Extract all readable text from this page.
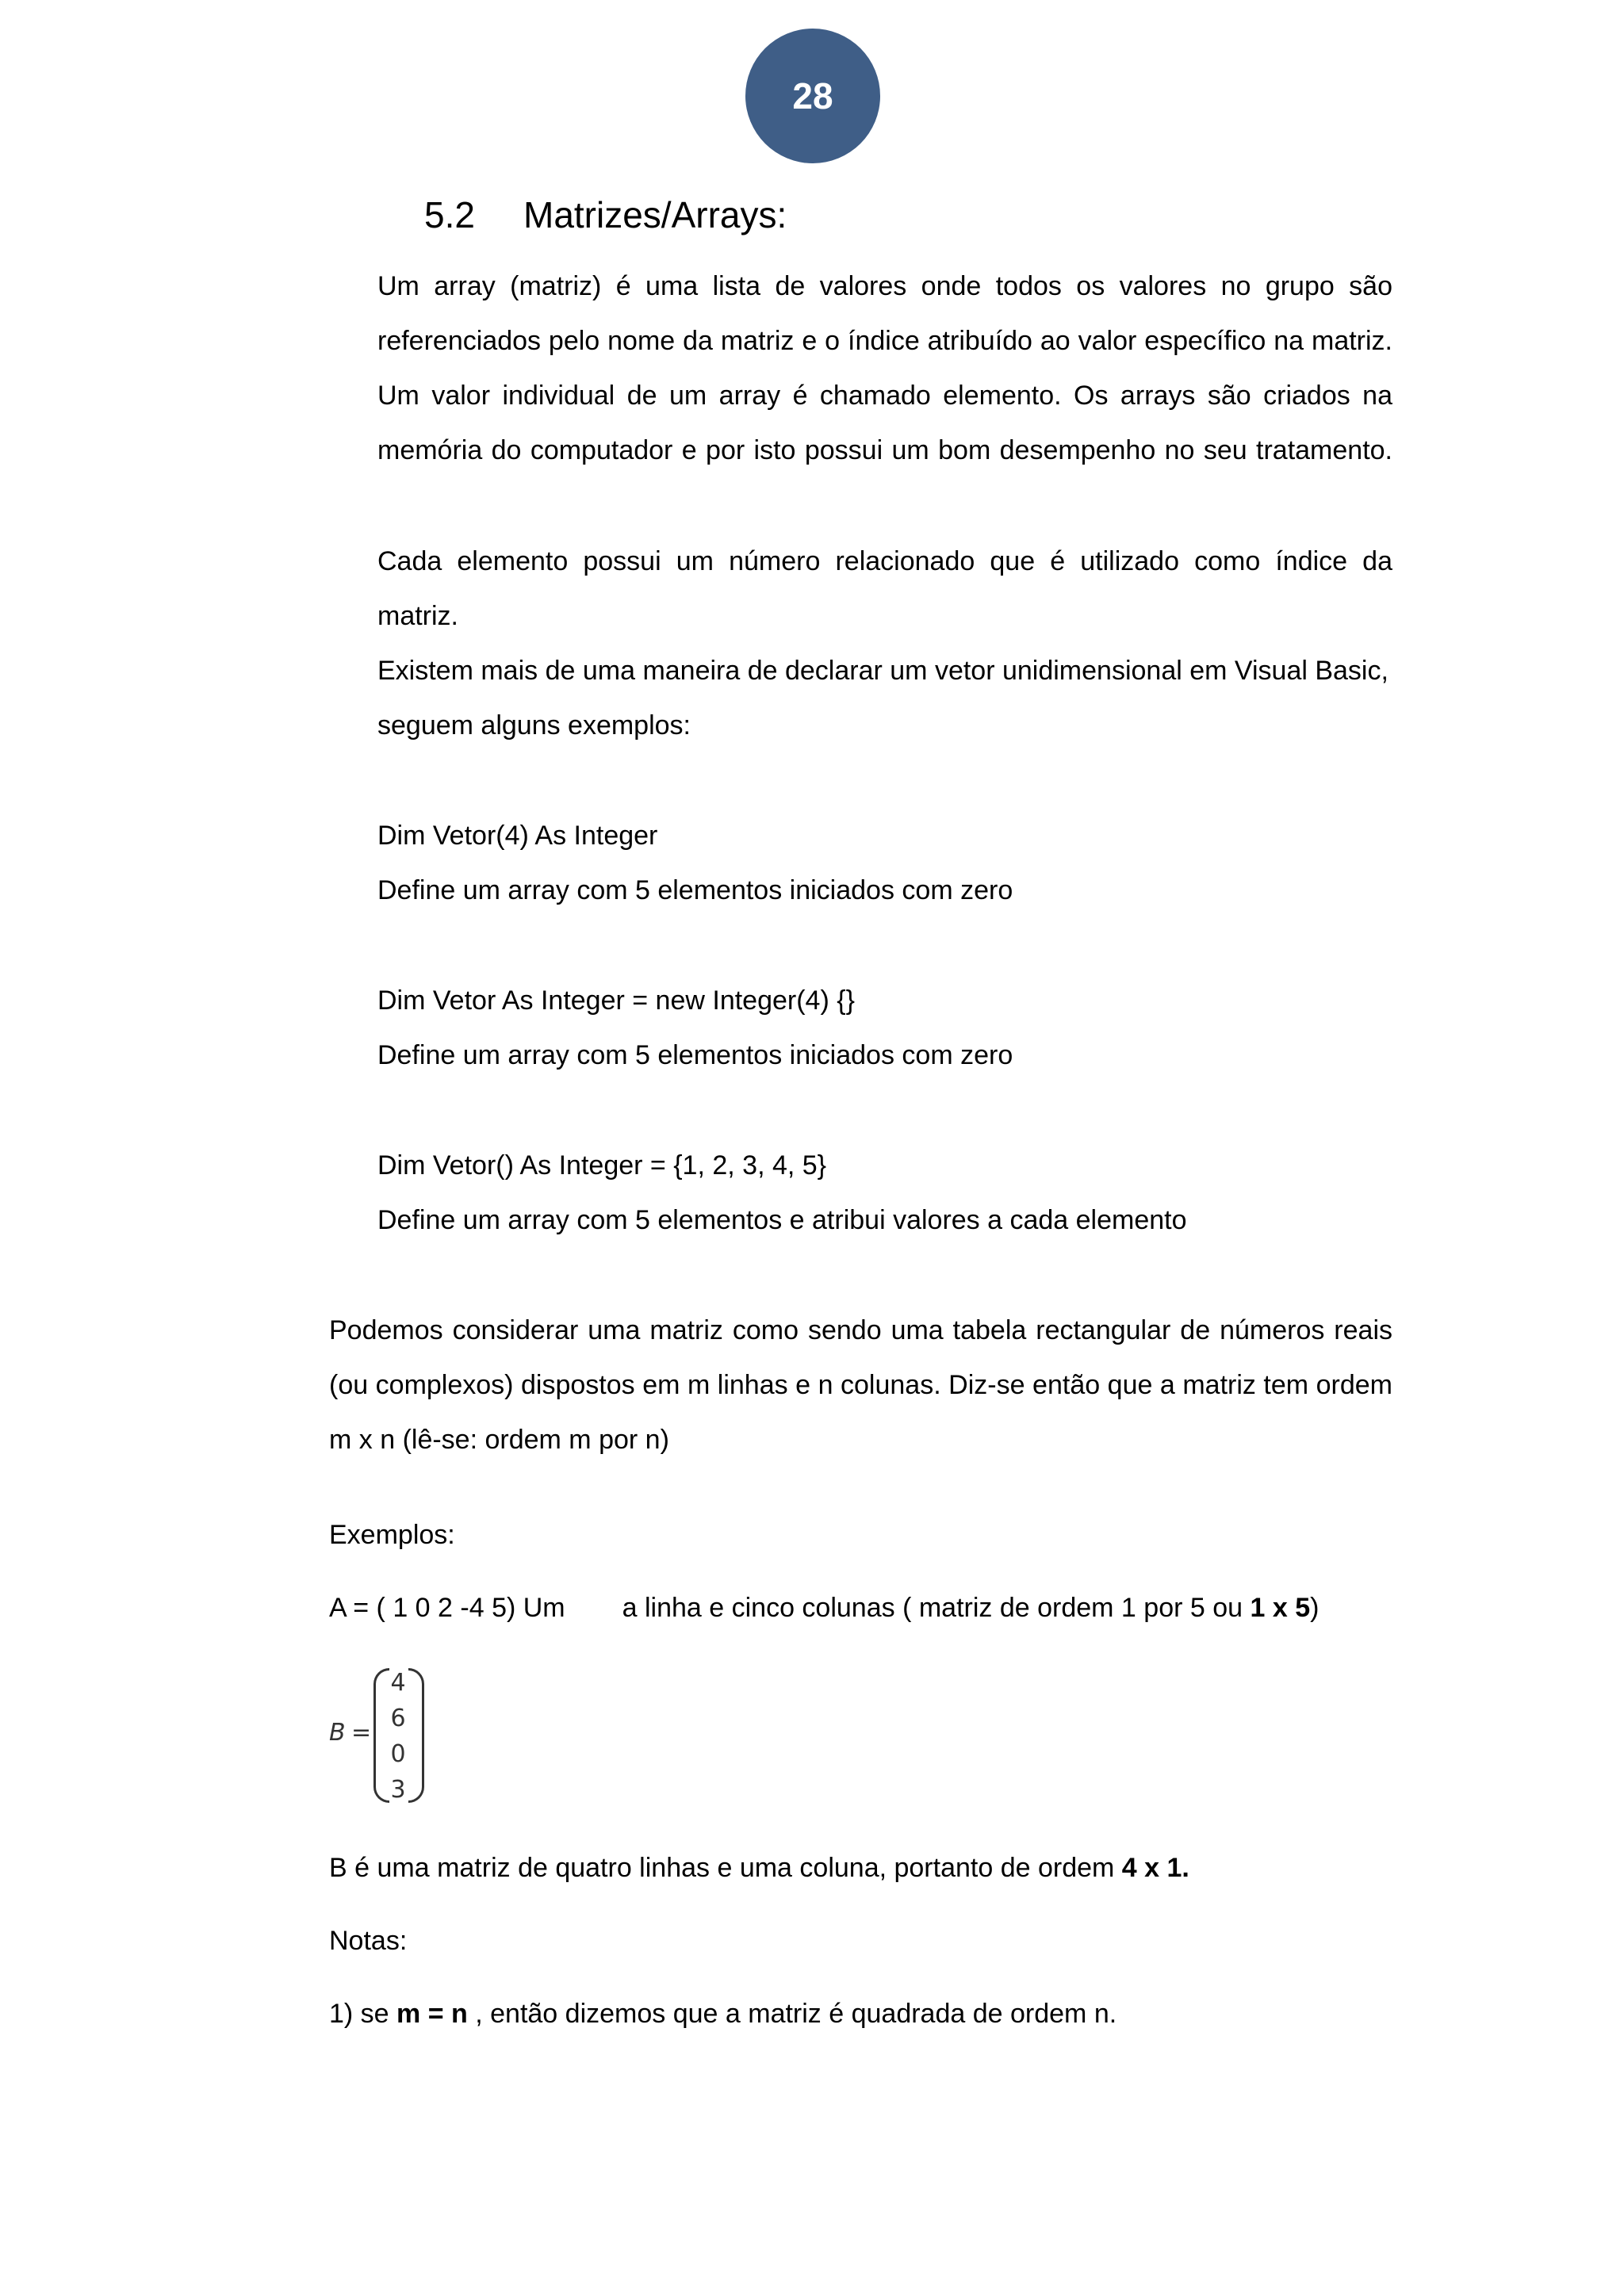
28
5.2 Matrizes/Arrays:
Um array (matriz) é uma lista de valores onde todos os valores no grupo são
referenciados pelo nome da matriz e o índice atribuído ao valor específico na matriz.
Um valor individual de um array é chamado elemento. Os arrays são criados na
memória do computador e por isto possui um bom desempenho no seu tratamento.
Cada elemento possui um número relacionado que é utilizado como índice da
matriz.
Existem mais de uma maneira de declarar um vetor unidimensional em Visual Basic,
seguem alguns exemplos:
Dim Vetor(4) As Integer
Define um array com 5 elementos iniciados com zero
Dim Vetor As Integer = new Integer(4) {}
Define um array com 5 elementos iniciados com zero
Dim Vetor() As Integer = {1, 2, 3, 4, 5}
Define um array com 5 elementos e atribui valores a cada elemento
Podemos considerar uma matriz como sendo uma tabela rectangular de números reais
(ou complexos) dispostos em m linhas e n colunas. Diz-se então que a matriz tem ordem
m x n (lê-se: ordem m por n)
Exemplos:
A = ( 1 0 2 -4 5) Um a linha e cinco colunas ( matriz de ordem 1 por 5 ou 1 x 5)
B =
4
6
0
3
B é uma matriz de quatro linhas e uma coluna, portanto de ordem 4 x 1.
Notas:
1) se m = n , então dizemos que a matriz é quadrada de ordem n.
